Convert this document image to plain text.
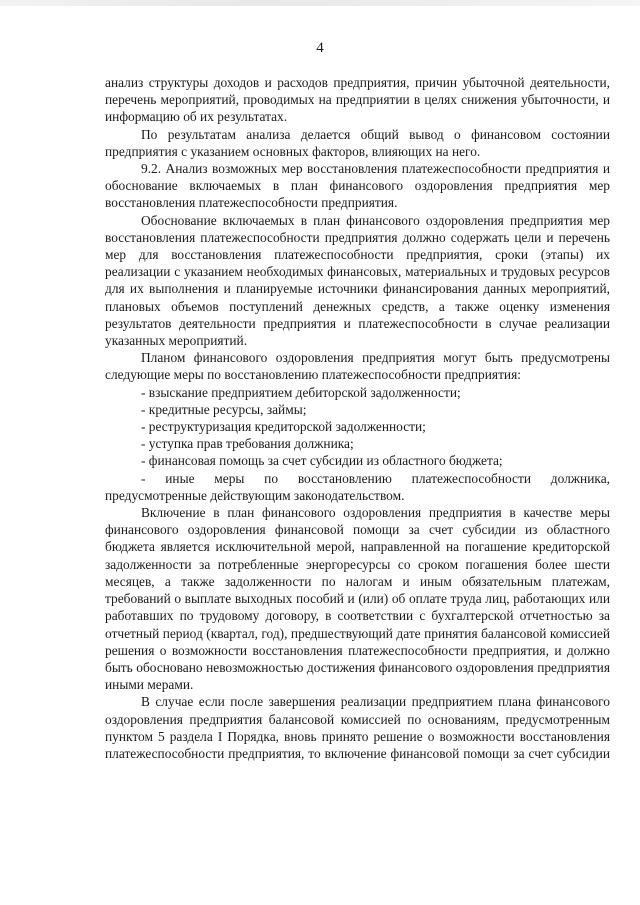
4

анализ структуры доходов и расходов предприятия, причин убыточной деятельности, перечень мероприятий, проводимых на предприятии в целях снижения убыточности, и информацию об их результатах.

По результатам анализа делается общий вывод о финансовом состоянии предприятия с указанием основных факторов, влияющих на него.

9.2. Анализ возможных мер восстановления платежеспособности предприятия и обоснование включаемых в план финансового оздоровления предприятия мер восстановления платежеспособности предприятия.

Обоснование включаемых в план финансового оздоровления предприятия мер восстановления платежеспособности предприятия должно содержать цели и перечень мер для восстановления платежеспособности предприятия, сроки (этапы) их реализации с указанием необходимых финансовых, материальных и трудовых ресурсов для их выполнения и планируемые источники финансирования данных мероприятий, плановых объемов поступлений денежных средств, а также оценку изменения результатов деятельности предприятия и платежеспособности в случае реализации указанных мероприятий.

Планом финансового оздоровления предприятия могут быть предусмотрены следующие меры по восстановлению платежеспособности предприятия:

- взыскание предприятием дебиторской задолженности;

- кредитные ресурсы, займы;

- реструктуризация кредиторской задолженности;

- уступка прав требования должника;

- финансовая помощь за счет субсидии из областного бюджета;

- иные меры по восстановлению платежеспособности должника, предусмотренные действующим законодательством.

Включение в план финансового оздоровления предприятия в качестве меры финансового оздоровления финансовой помощи за счет субсидии из областного бюджета является исключительной мерой, направленной на погашение кредиторской задолженности за потребленные энергоресурсы со сроком погашения более шести месяцев, а также задолженности по налогам и иным обязательным платежам, требований о выплате выходных пособий и (или) об оплате труда лиц, работающих или работавших по трудовому договору, в соответствии с бухгалтерской отчетностью за отчетный период (квартал, год), предшествующий дате принятия балансовой комиссией решения о возможности восстановления платежеспособности предприятия, и должно быть обосновано невозможностью достижения финансового оздоровления предприятия иными мерами.

В случае если после завершения реализации предприятием плана финансового оздоровления предприятия балансовой комиссией по основаниям, предусмотренным пунктом 5 раздела I Порядка, вновь принято решение о возможности восстановления платежеспособности предприятия, то включение финансовой помощи за счет субсидии
